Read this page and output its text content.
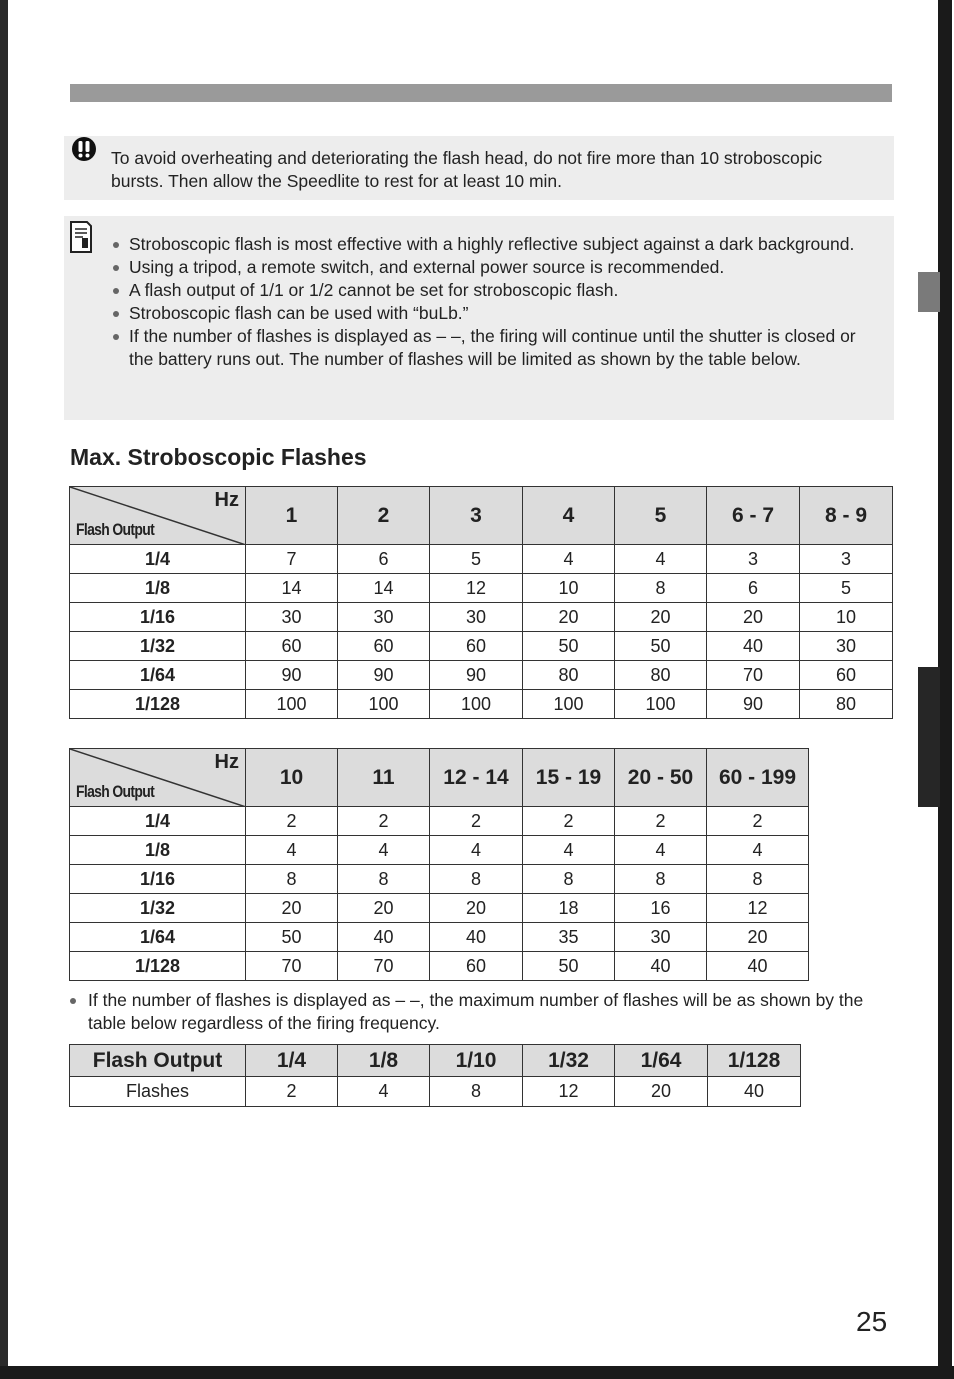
To avoid overheating and deteriorating the flash head, do not fire more than 10 stroboscopic bursts. Then allow the Speedlite to rest for at least 10 min.
Stroboscopic flash is most effective with a highly reflective subject against a dark background.
Using a tripod, a remote switch, and external power source is recommended.
A flash output of 1/1 or 1/2 cannot be set for stroboscopic flash.
Stroboscopic flash can be used with “buLb.”
If the number of flashes is displayed as – –, the firing will continue until the shutter is closed or the battery runs out. The number of flashes will be limited as shown by the table below.
Max. Stroboscopic Flashes
Hz
Flash Output	1	2	3	4	5	6 - 7	8 - 9
1/4	7	6	5	4	4	3	3
1/8	14	14	12	10	8	6	5
1/16	30	30	30	20	20	20	10
1/32	60	60	60	50	50	40	30
1/64	90	90	90	80	80	70	60
1/128	100	100	100	100	100	90	80
Hz
Flash Output	10	11	12 - 14	15 - 19	20 - 50	60 - 199
1/4	2	2	2	2	2	2
1/8	4	4	4	4	4	4
1/16	8	8	8	8	8	8
1/32	20	20	20	18	16	12
1/64	50	40	40	35	30	20
1/128	70	70	60	50	40	40
If the number of flashes is displayed as – –, the maximum number of flashes will be as shown by the table below regardless of the firing frequency.
Flash Output	1/4	1/8	1/10	1/32	1/64	1/128
Flashes	2	4	8	12	20	40
25
